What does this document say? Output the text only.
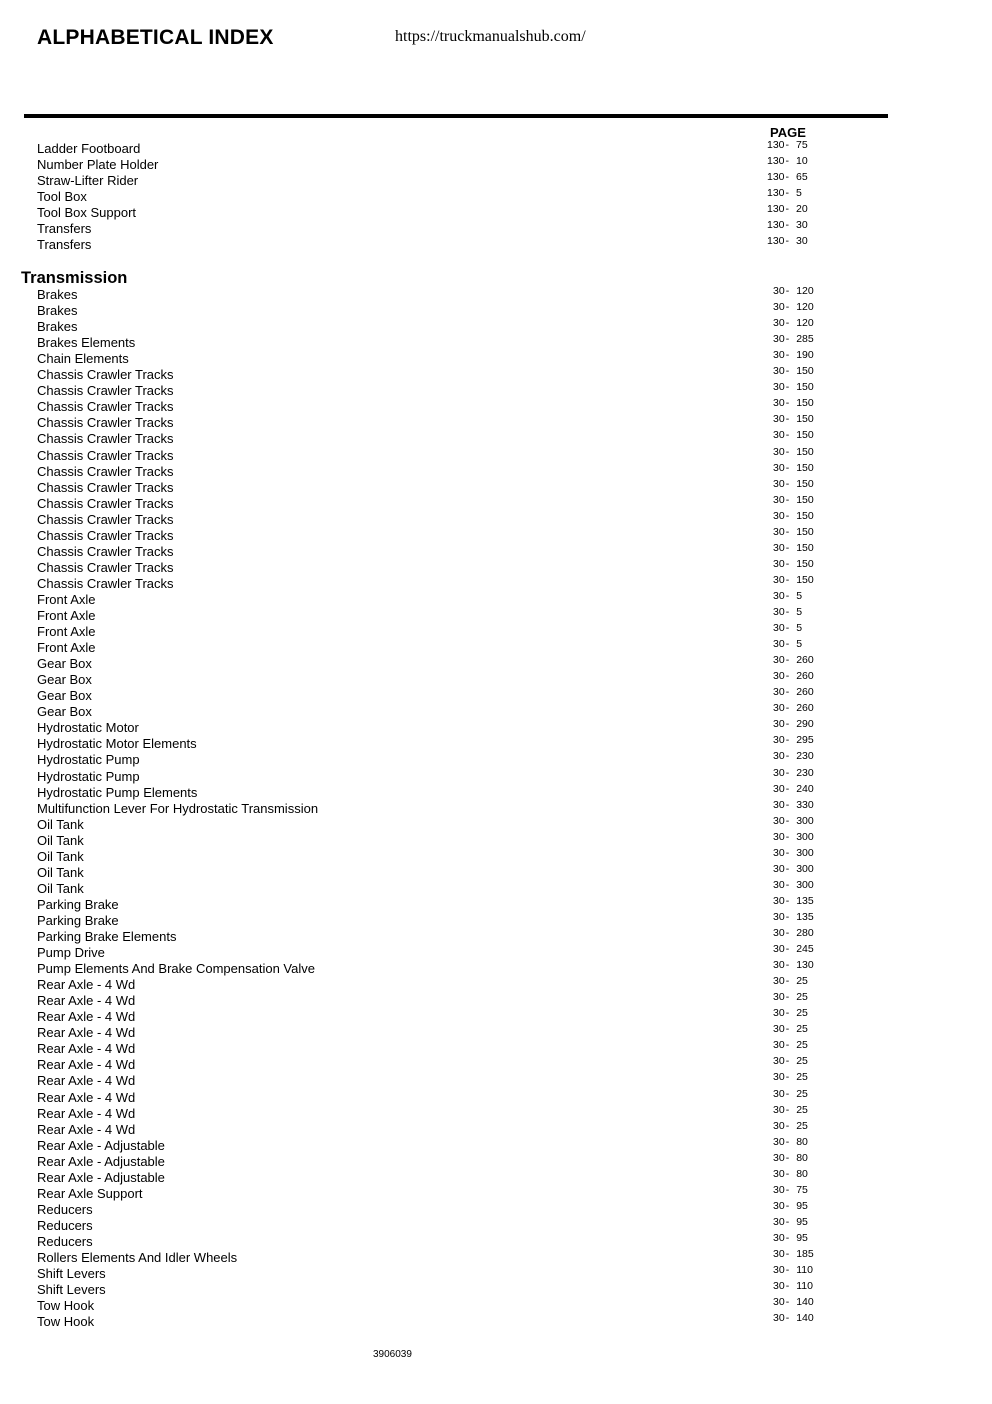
ALPHABETICAL INDEX	https://truckmanualshub.com/
PAGE
Ladder Footboard	130- 75
Number Plate Holder	130- 10
Straw-Lifter Rider	130- 65
Tool Box	130- 5
Tool Box Support	130- 20
Transfers	130- 30
Transfers	130- 30
Transmission
Brakes	30- 120
Brakes	30- 120
Brakes	30- 120
Brakes Elements	30- 285
Chain Elements	30- 190
Chassis Crawler Tracks	30- 150
Chassis Crawler Tracks	30- 150
Chassis Crawler Tracks	30- 150
Chassis Crawler Tracks	30- 150
Chassis Crawler Tracks	30- 150
Chassis Crawler Tracks	30- 150
Chassis Crawler Tracks	30- 150
Chassis Crawler Tracks	30- 150
Chassis Crawler Tracks	30- 150
Chassis Crawler Tracks	30- 150
Chassis Crawler Tracks	30- 150
Chassis Crawler Tracks	30- 150
Chassis Crawler Tracks	30- 150
Chassis Crawler Tracks	30- 150
Front Axle	30- 5
Front Axle	30- 5
Front Axle	30- 5
Front Axle	30- 5
Gear Box	30- 260
Gear Box	30- 260
Gear Box	30- 260
Gear Box	30- 260
Hydrostatic Motor	30- 290
Hydrostatic Motor Elements	30- 295
Hydrostatic Pump	30- 230
Hydrostatic Pump	30- 230
Hydrostatic Pump Elements	30- 240
Multifunction Lever For Hydrostatic Transmission	30- 330
Oil Tank	30- 300
Oil Tank	30- 300
Oil Tank	30- 300
Oil Tank	30- 300
Oil Tank	30- 300
Parking Brake	30- 135
Parking Brake	30- 135
Parking Brake Elements	30- 280
Pump Drive	30- 245
Pump Elements And Brake Compensation Valve	30- 130
Rear Axle - 4 Wd	30- 25
Rear Axle - 4 Wd	30- 25
Rear Axle - 4 Wd	30- 25
Rear Axle - 4 Wd	30- 25
Rear Axle - 4 Wd	30- 25
Rear Axle - 4 Wd	30- 25
Rear Axle - 4 Wd	30- 25
Rear Axle - 4 Wd	30- 25
Rear Axle - 4 Wd	30- 25
Rear Axle - 4 Wd	30- 25
Rear Axle - Adjustable	30- 80
Rear Axle - Adjustable	30- 80
Rear Axle - Adjustable	30- 80
Rear Axle Support	30- 75
Reducers	30- 95
Reducers	30- 95
Reducers	30- 95
Rollers Elements And Idler Wheels	30- 185
Shift Levers	30- 110
Shift Levers	30- 110
Tow Hook	30- 140
Tow Hook	30- 140
3906039
